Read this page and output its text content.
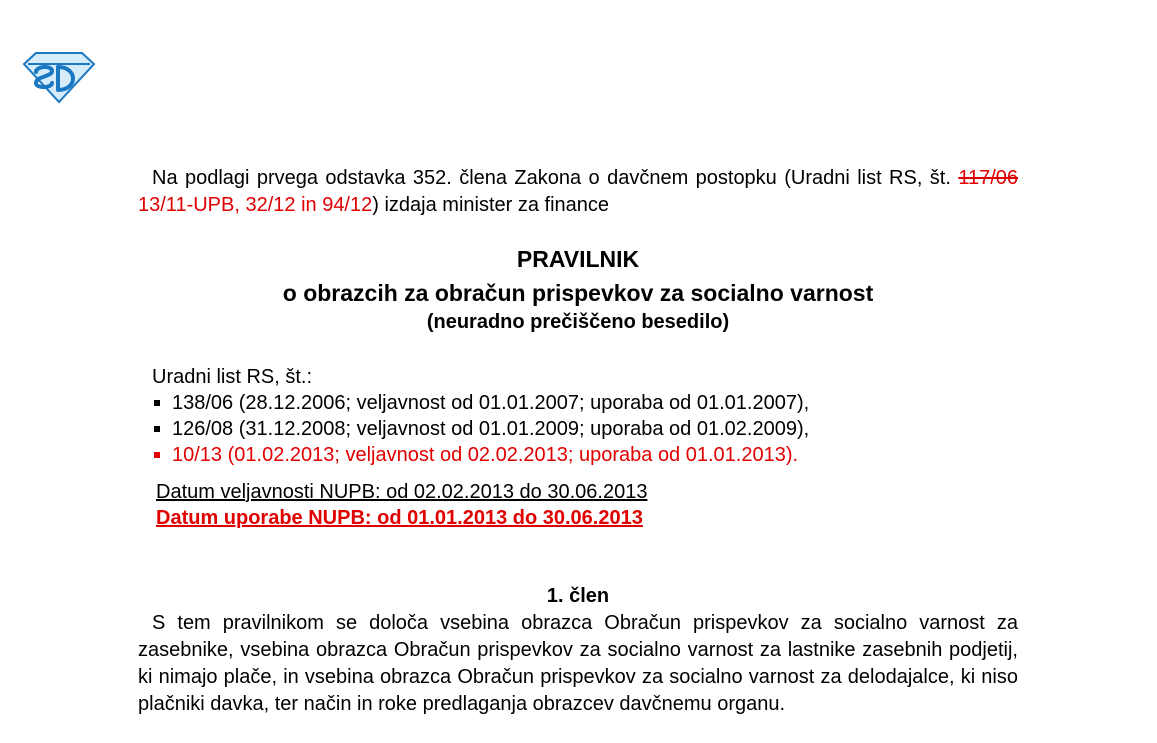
Na podlagi prvega odstavka 352. člena Zakona o davčnem postopku (Uradni list RS, št. 117/06 13/11-UPB, 32/12 in 94/12) izdaja minister za finance

PRAVILNIK
o obrazcih za obračun prispevkov za socialno varnost
(neuradno prečiščeno besedilo)
Uradni list RS, št.:
138/06 (28.12.2006; veljavnost od 01.01.2007; uporaba od 01.01.2007),
126/08 (31.12.2008; veljavnost od 01.01.2009; uporaba od 01.02.2009),
10/13 (01.02.2013; veljavnost od 02.02.2013; uporaba od 01.01.2013).
Datum veljavnosti NUPB: od 02.02.2013 do 30.06.2013
Datum uporabe NUPB: od 01.01.2013 do 30.06.2013
1. člen

S tem pravilnikom se določa vsebina obrazca Obračun prispevkov za socialno varnost za zasebnike, vsebina obrazca Obračun prispevkov za socialno varnost za lastnike zasebnih podjetij, ki nimajo plače, in vsebina obrazca Obračun prispevkov za socialno varnost za delodajalce, ki niso plačniki davka, ter način in roke predlaganja obrazcev davčnemu organu.
